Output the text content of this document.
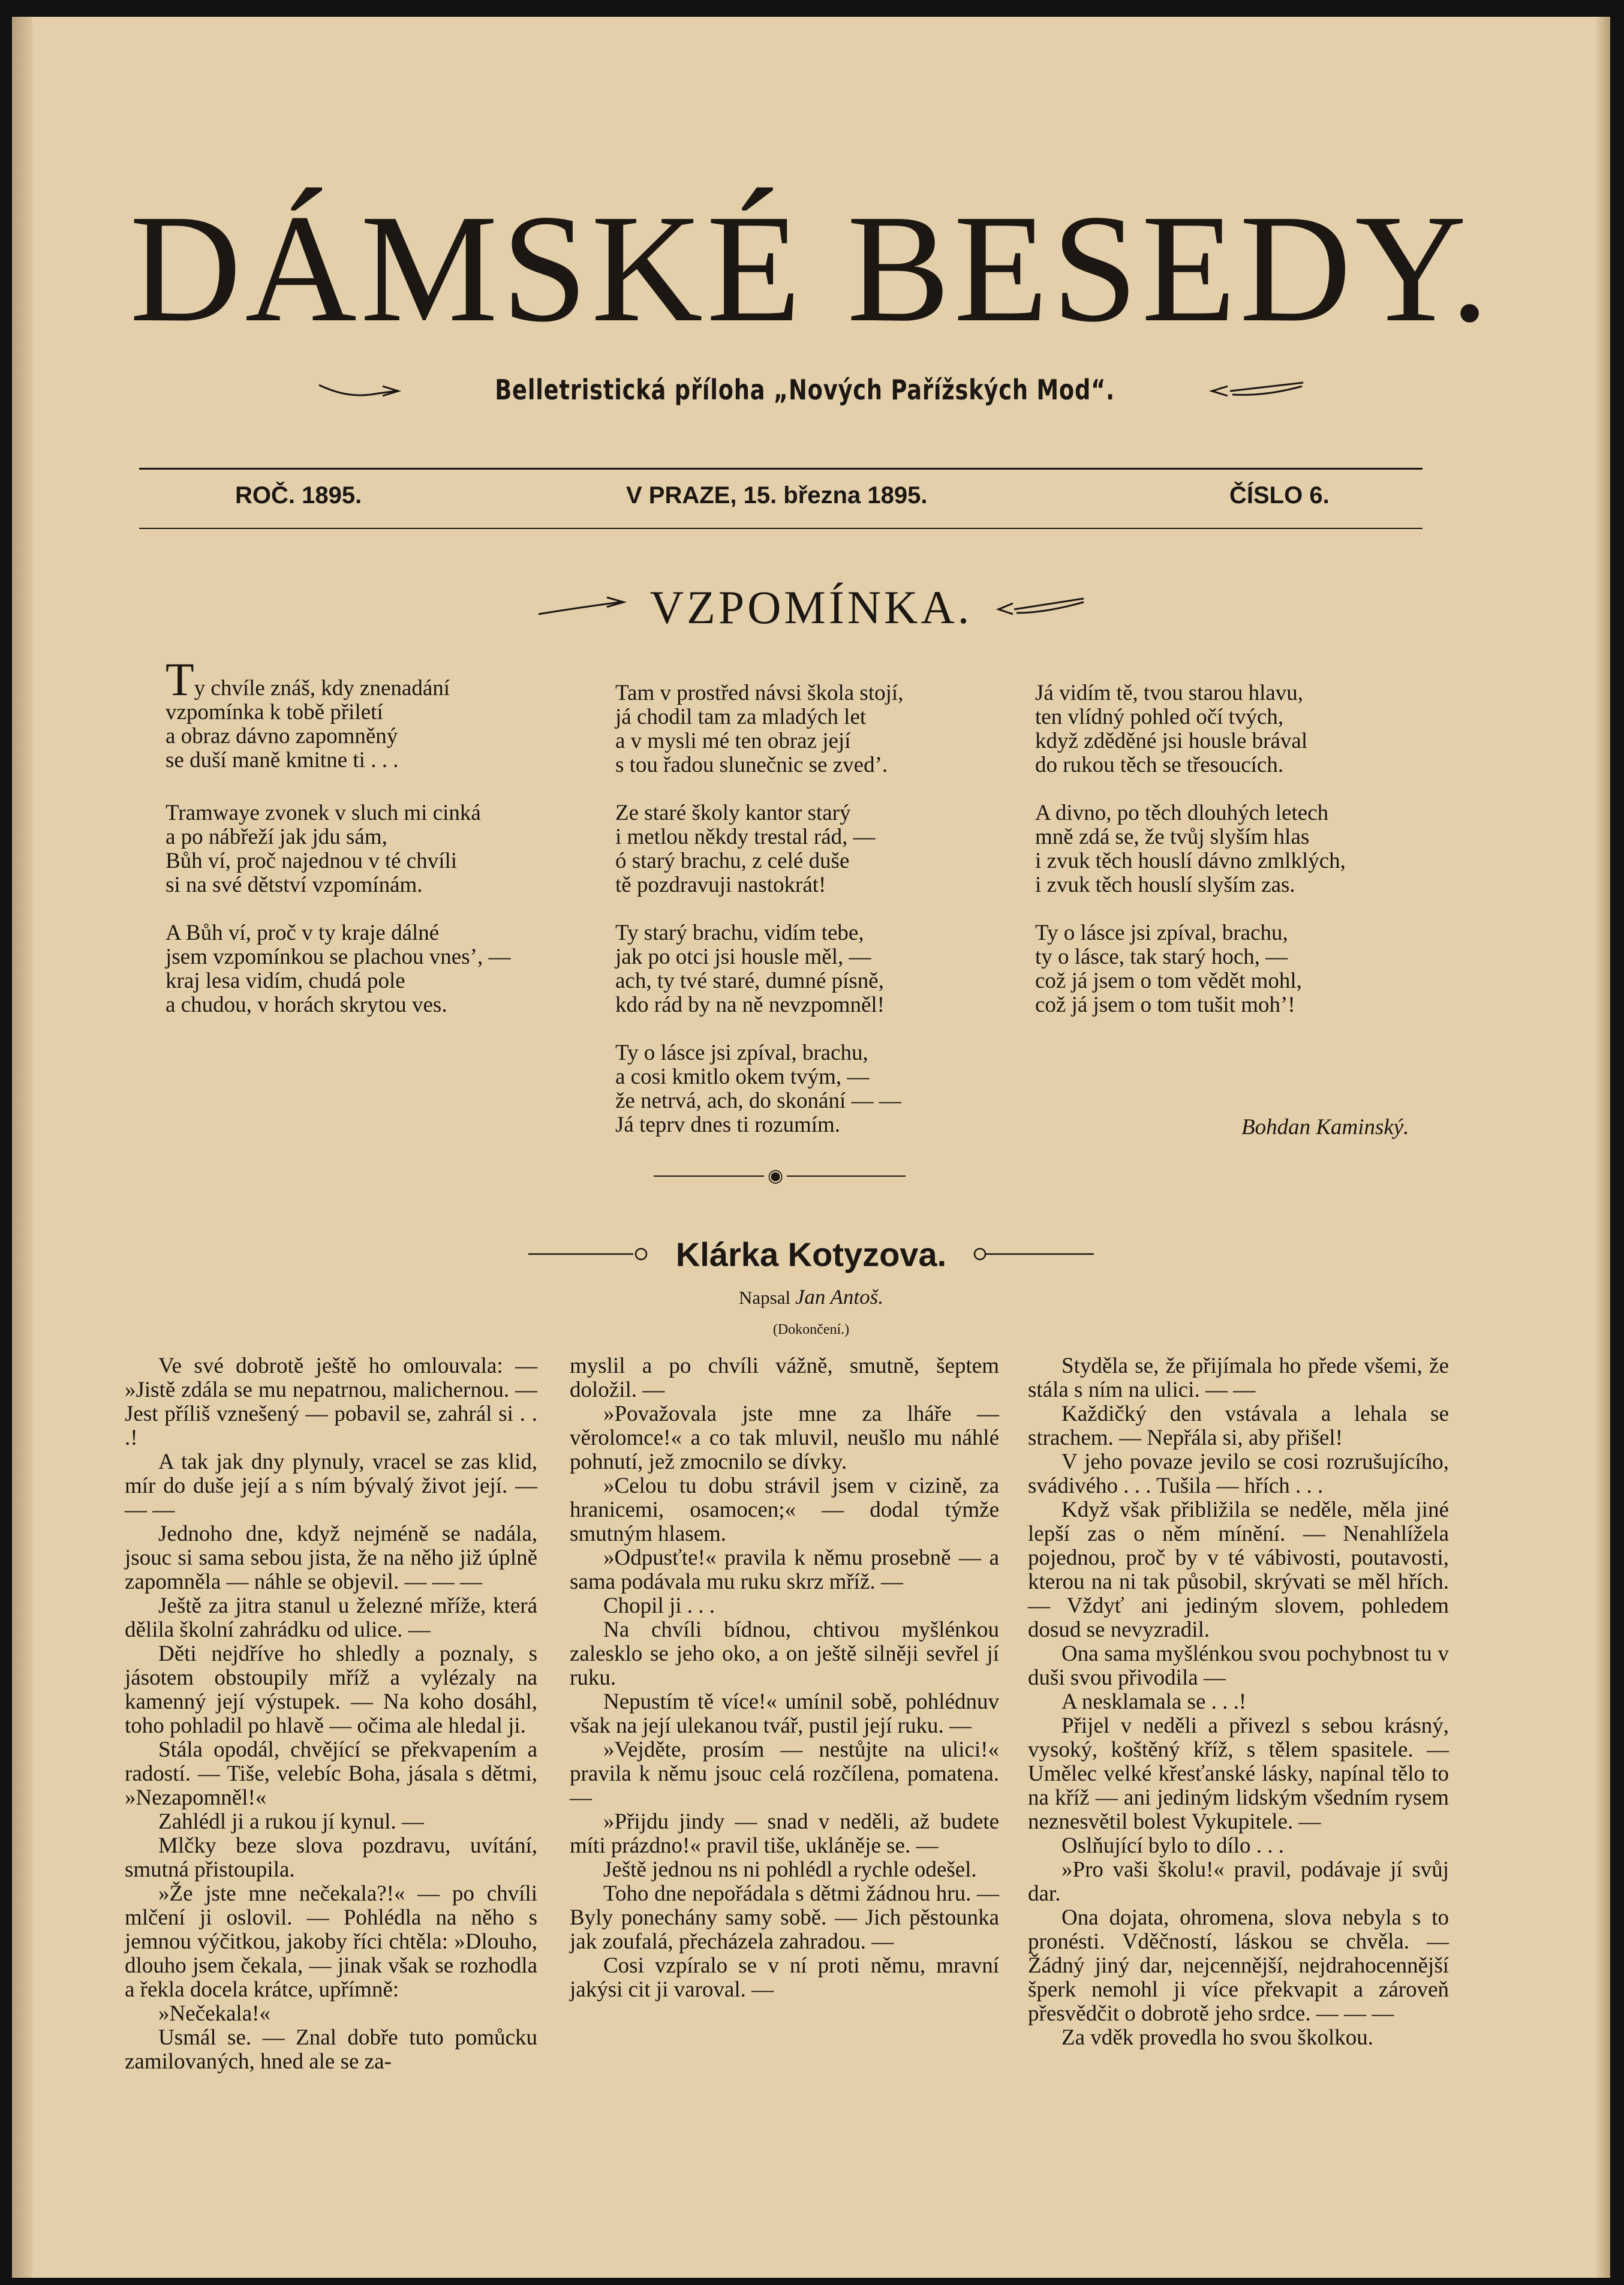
DÁMSKÉ BESEDY.
Belletristická příloha „Nových Pařížských Mod“.
ROČ. 1895.	V PRAZE, 15. března 1895.	ČÍSLO 6.
VZPOMÍNKA.
Ty chvíle znáš, kdy znenadání
vzpomínka k tobě přiletí
a obraz dávno zapomněný
se duší maně kmitne ti . . .
Tramwaye zvonek v sluch mi cinká
a po nábřeží jak jdu sám,
Bůh ví, proč najednou v té chvíli
si na své dětství vzpomínám.
A Bůh ví, proč v ty kraje dálné
jsem vzpomínkou se plachou vnes’, —
kraj lesa vidím, chudá pole
a chudou, v horách skrytou ves.
Tam v prostřed návsi škola stojí,
já chodil tam za mladých let
a v mysli mé ten obraz její
s tou řadou slunečnic se zved’.
Ze staré školy kantor starý
i metlou někdy trestal rád, —
ó starý brachu, z celé duše
tě pozdravuji nastokrát!
Ty starý brachu, vidím tebe,
jak po otci jsi housle měl, —
ach, ty tvé staré, dumné písně,
kdo rád by na ně nevzpomněl!
Ty o lásce jsi zpíval, brachu,
a cosi kmitlo okem tvým, —
že netrvá, ach, do skonání — —
Já teprv dnes ti rozumím.
Já vidím tě, tvou starou hlavu,
ten vlídný pohled očí tvých,
když zděděné jsi housle brával
do rukou těch se třesoucích.
A divno, po těch dlouhých letech
mně zdá se, že tvůj slyším hlas
i zvuk těch houslí dávno zmlklých,
i zvuk těch houslí slyším zas.
Ty o lásce jsi zpíval, brachu,
ty o lásce, tak starý hoch, —
což já jsem o tom vědět mohl,
což já jsem o tom tušit moh’!
Bohdan Kaminský.
◉
Klárka Kotyzova.
Napsal Jan Antoš.
(Dokončení.)

Ve své dobrotě ještě ho omlouvala: — »Jistě zdála se mu nepatrnou, malichernou. — Jest příliš vznešený — pobavil se, zahrál si . . .!

A tak jak dny plynuly, vracel se zas klid, mír do duše její a s ním bývalý život její. — — —

Jednoho dne, když nejméně se nadála, jsouc si sama sebou jista, že na něho již úplně zapomněla — náhle se objevil. — — —

Ještě za jitra stanul u železné mříže, která dělila školní zahrádku od ulice. —

Děti nejdříve ho shledly a poznaly, s jásotem obstoupily mříž a vylézaly na kamenný její výstupek. — Na koho dosáhl, toho pohladil po hlavě — očima ale hledal ji.

Stála opodál, chvějící se překvapením a radostí. — Tiše, velebíc Boha, jásala s dětmi, »Nezapomněl!«

Zahlédl ji a rukou jí kynul. —

Mlčky beze slova pozdravu, uvítání, smutná přistoupila.

»Že jste mne nečekala?!« — po chvíli mlčení ji oslovil. — Pohlédla na něho s jemnou výčitkou, jakoby říci chtěla: »Dlouho, dlouho jsem čekala, — jinak však se rozhodla a řekla docela krátce, upřímně:

»Nečekala!«

Usmál se. — Znal dobře tuto pomůcku zamilovaných, hned ale se za-

myslil a po chvíli vážně, smutně, šeptem doložil. —

»Považovala jste mne za lháře — věrolomce!« a co tak mluvil, neušlo mu náhlé pohnutí, jež zmocnilo se dívky.

»Celou tu dobu strávil jsem v cizině, za hranicemi, osamocen;« — dodal týmže smutným hlasem.

»Odpusťte!« pravila k němu prosebně — a sama podávala mu ruku skrz mříž. —

Chopil ji . . .

Na chvíli bídnou, chtivou myšlénkou zalesklo se jeho oko, a on ještě silněji sevřel jí ruku.

Nepustím tě více!« umínil sobě, pohlédnuv však na její ulekanou tvář, pustil její ruku. —

»Vejděte, prosím — nestůjte na ulici!« pravila k němu jsouc celá rozčílena, pomatena. —

»Přijdu jindy — snad v neděli, až budete míti prázdno!« pravil tiše, ukláněje se. —

Ještě jednou ns ni pohlédl a rychle odešel.

Toho dne nepořádala s dětmi žádnou hru. — Byly ponechány samy sobě. — Jich pěstounka jak zoufalá, přecházela zahradou. —

Cosi vzpíralo se v ní proti němu, mravní jakýsi cit ji varoval. —

Styděla se, že přijímala ho přede všemi, že stála s ním na ulici. — —

Každičký den vstávala a lehala se strachem. — Nepřála si, aby přišel!

V jeho povaze jevilo se cosi rozrušujícího, svádivého . . . Tušila — hřích . . .

Když však přibližila se neděle, měla jiné lepší zas o něm mínění. — Nenahlížela pojednou, proč by v té vábivosti, poutavosti, kterou na ni tak působil, skrývati se měl hřích. — Vždyť ani jediným slovem, pohledem dosud se nevyzradil.

Ona sama myšlénkou svou pochybnost tu v duši svou přivodila —

A nesklamala se . . .!

Přijel v neděli a přivezl s sebou krásný, vysoký, koštěný kříž, s tělem spasitele. — Umělec velké křesťanské lásky, napínal tělo to na kříž — ani jediným lidským všedním rysem neznesvětil bolest Vykupitele. —

Oslňující bylo to dílo . . .

»Pro vaši školu!« pravil, podávaje jí svůj dar.

Ona dojata, ohromena, slova nebyla s to pronésti. Vděčností, láskou se chvěla. — Žádný jiný dar, nejcennější, nejdrahocennější šperk nemohl ji více překvapit a zároveň přesvědčit o dobrotě jeho srdce. — — —

Za vděk provedla ho svou školkou.
